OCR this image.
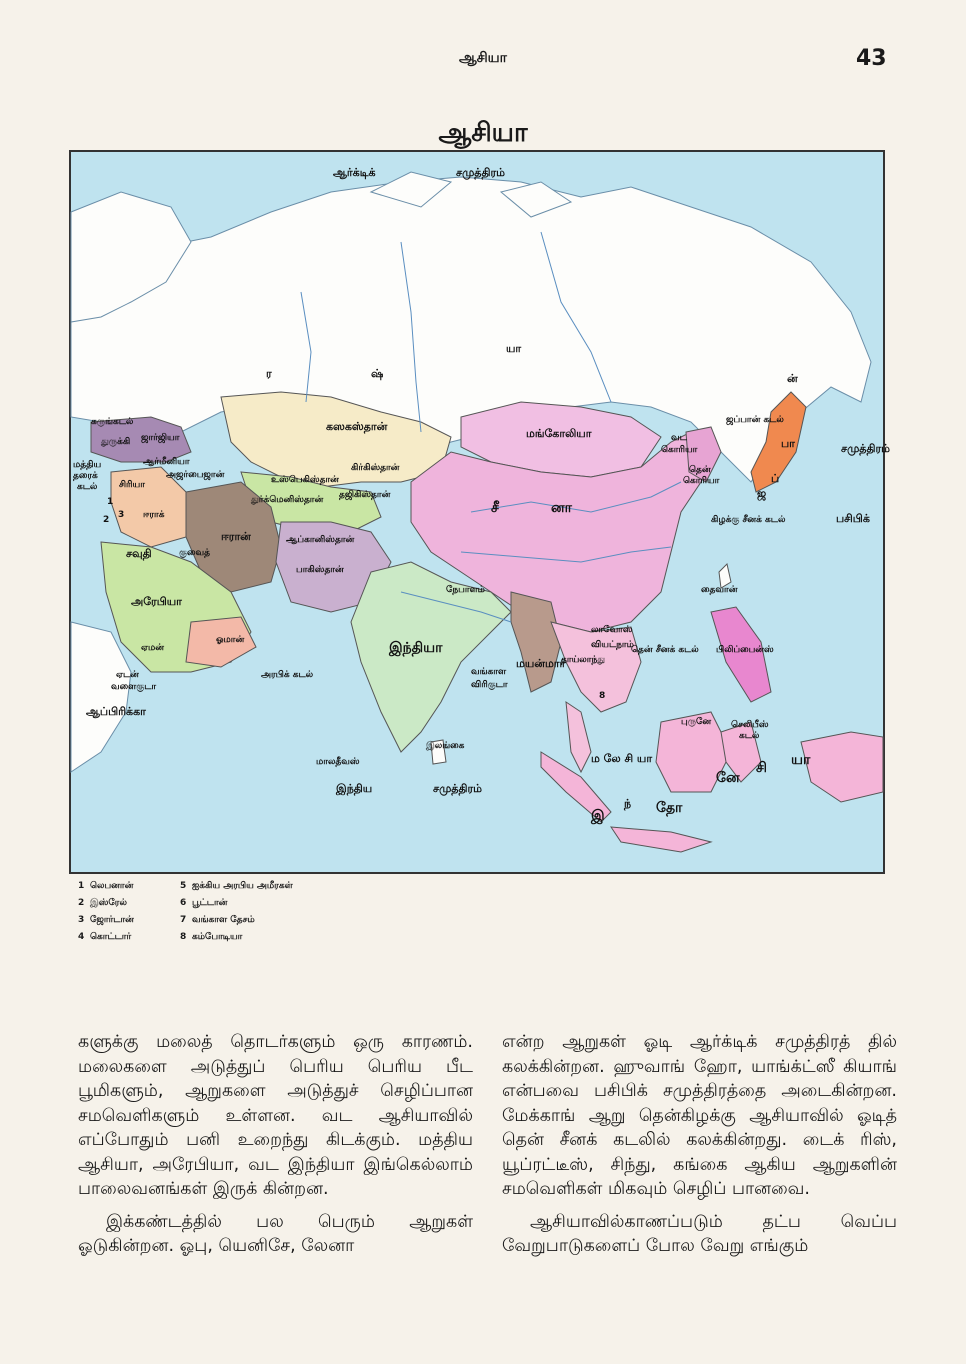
ஆசியா	43
ஆசியா
ஆர்க்டிக்	சமுத்திரம்
இந்திய	சமுத்திரம்
பசிபிக்
சமுத்திரம்
கருங்கடல்
அரபிக் கடல்	வங்காள
விரிகுடா
ஏடன்
வளைகுடா
மத்திய
தரைக்
கடல்
கிழக்கு சீனக் கடல்
தென் சீனக் கடல்
ஜப்பான் கடல்
செலிபீஸ்
கடல்
ர	ஷ்
யா
கஸகஸ்தான்
மங்கோலியா
சீ	னா
வட
கொரியா
தென்
கொரியா
ஜ
ப்
பா
ன்
தைவான்
பிலிப்பைன்ஸ்
வியட்நாம்
லாவோஸ்
தாய்லாந்து
மயன்மார்
புருனே
ம லே சி யா
இ
ந் தோ
னே
சி யா
இந்தியா
இலங்கை
மாலதீவஸ்
நேபாளம்
பாகிஸ்தான்
ஆப்கானிஸ்தான்
ஈரான்
ஈராக்
சிரியா
துருக்கி ஜார்ஜியா
ஆர்மீனியா
அஜர்பைஜான்
துர்க்மெனிஸ்தான்
உஸ்பெகிஸ்தான்
கிர்கிஸ்தான்
தஜிகிஸ்தான்
குவைத்
சவுதி
அரேபியா
ஓமான்
ஏமன்
ஆப்பிரிக்கா
1
2 3
8
1 லெபனான்
2 இஸ்ரேல்
3 ஜோர்டான்
4 கொட்டார்
5 ஐக்கிய அரபிய அமீரகள்
6 பூட்டான்
7 வங்காள தேசம்
8 கம்போடியா

களுக்கு மலைத் தொடர்களும் ஒரு காரணம். மலைகளை அடுத்துப் பெரிய பெரிய பீட பூமிகளும், ஆறுகளை அடுத்துச் செழிப்பான சமவெளிகளும் உள்ளன. வட ஆசியாவில் எப்போதும் பனி உறைந்து கிடக்கும். மத்திய ஆசியா, அரேபியா, வட இந்தியா இங்கெல்லாம் பாலைவனங்கள் இருக் கின்றன.

இக்கண்டத்தில் பல பெரும் ஆறுகள் ஓடுகின்றன. ஓபு, யெனிசே, லேனா

என்ற ஆறுகள் ஓடி ஆர்க்டிக் சமுத்திரத் தில் கலக்கின்றன. ஹுவாங் ஹோ, யாங்க்ட்ஸீ கியாங் என்பவை பசிபிக் சமுத்திரத்தை அடைகின்றன. மேக்காங் ஆறு தென்கிழக்கு ஆசியாவில் ஓடித் தென் சீனக் கடலில் கலக்கின்றது. டைக் ரிஸ், யூப்ரட்டீஸ், சிந்து, கங்கை ஆகிய ஆறுகளின் சமவெளிகள் மிகவும் செழிப் பானவை.

ஆசியாவில்காணப்படும் தட்ப வெப்ப வேறுபாடுகளைப் போல வேறு எங்கும்
